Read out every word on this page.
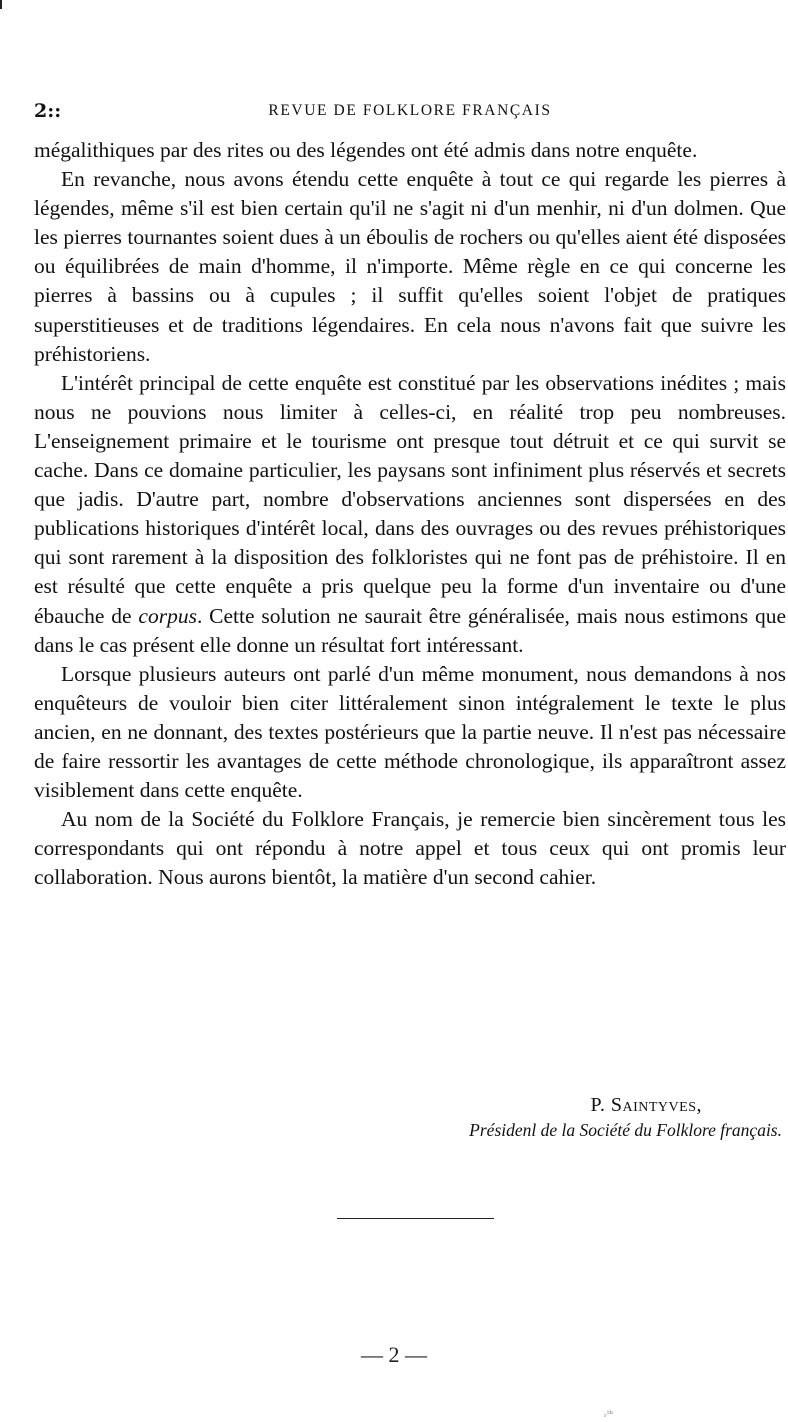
2::	REVUE DE FOLKLORE FRANÇAIS

mégalithiques par des rites ou des légendes ont été admis dans notre enquête.

En revanche, nous avons étendu cette enquête à tout ce qui regarde les pierres à légendes, même s'il est bien certain qu'il ne s'agit ni d'un menhir, ni d'un dolmen. Que les pierres tournantes soient dues à un éboulis de rochers ou qu'elles aient été disposées ou équilibrées de main d'homme, il n'importe. Même règle en ce qui concerne les pierres à bassins ou à cupules ; il suffit qu'elles soient l'objet de pratiques superstitieuses et de traditions légendaires. En cela nous n'avons fait que suivre les préhistoriens.

L'intérêt principal de cette enquête est constitué par les observations inédites ; mais nous ne pouvions nous limiter à celles-ci, en réalité trop peu nombreuses. L'enseignement primaire et le tourisme ont presque tout détruit et ce qui survit se cache. Dans ce domaine particulier, les paysans sont infiniment plus réservés et secrets que jadis. D'autre part, nombre d'observations anciennes sont dispersées en des publications historiques d'intérêt local, dans des ouvrages ou des revues préhistoriques qui sont rarement à la disposition des folkloristes qui ne font pas de préhistoire. Il en est résulté que cette enquête a pris quelque peu la forme d'un inventaire ou d'une ébauche de corpus. Cette solution ne saurait être généralisée, mais nous estimons que dans le cas présent elle donne un résultat fort intéressant.

Lorsque plusieurs auteurs ont parlé d'un même monument, nous demandons à nos enquêteurs de vouloir bien citer littéralement sinon intégralement le texte le plus ancien, en ne donnant, des textes postérieurs que la partie neuve. Il n'est pas nécessaire de faire ressortir les avantages de cette méthode chronologique, ils apparaîtront assez visiblement dans cette enquête.

Au nom de la Société du Folklore Français, je remercie bien sincèrement tous les correspondants qui ont répondu à notre appel et tous ceux qui ont promis leur collaboration. Nous aurons bientôt, la matière d'un second cahier.

P. Saintyves,
Présidenl de la Société du Folklore français.
— 2 —
ᵣᵗʰ
